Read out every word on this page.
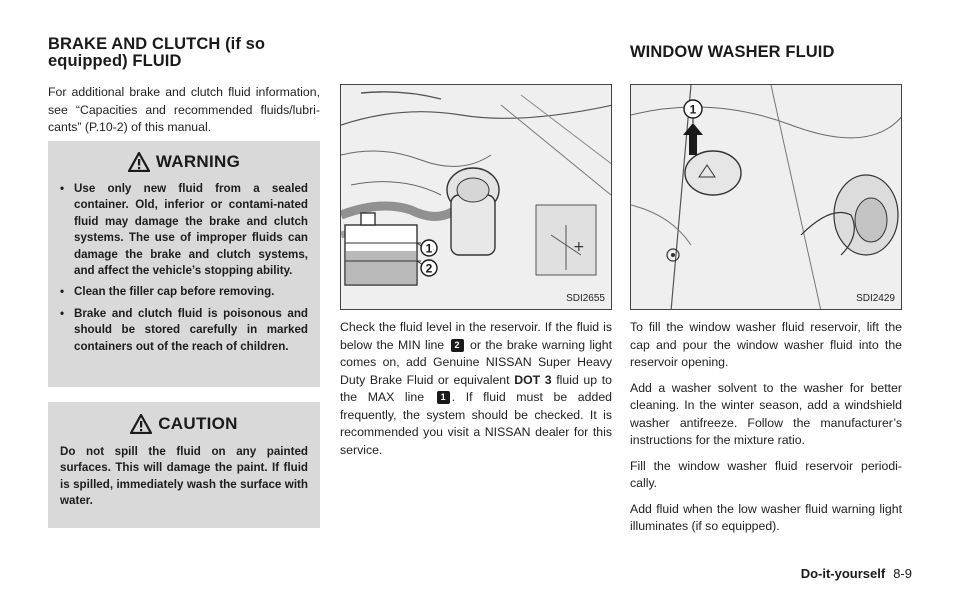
BRAKE AND CLUTCH (if so
equipped) FLUID

For additional brake and clutch fluid information, see “Capacities and recommended fluids/lubri-cants” (P.10-2) of this manual.

WARNING
• Use only new fluid from a sealed container. Old, inferior or contami-nated fluid may damage the brake and clutch systems. The use of improper fluids can damage the brake and clutch systems, and affect the vehicle’s stopping ability.
• Clean the filler cap before removing.
• Brake and clutch fluid is poisonous and should be stored carefully in marked containers out of the reach of children.
CAUTION

Do not spill the fluid on any painted surfaces. This will damage the paint. If fluid is spilled, immediately wash the surface with water.

+
1
2
SDI2655

Check the fluid level in the reservoir. If the fluid is below the MIN line 2 or the brake warning light comes on, add Genuine NISSAN Super Heavy Duty Brake Fluid or equivalent DOT 3 fluid up to the MAX line 1 . If fluid must be added frequently, the system should be checked. It is recommended you visit a NISSAN dealer for this service.

WINDOW WASHER FLUID
1
SDI2429

To fill the window washer fluid reservoir, lift the cap and pour the window washer fluid into the reservoir opening.

Add a washer solvent to the washer for better cleaning. In the winter season, add a windshield washer antifreeze. Follow the manufacturer’s instructions for the mixture ratio.

Fill the window washer fluid reservoir periodi-cally.

Add fluid when the low washer fluid warning light illuminates (if so equipped).

Do-it-yourself 8-9
